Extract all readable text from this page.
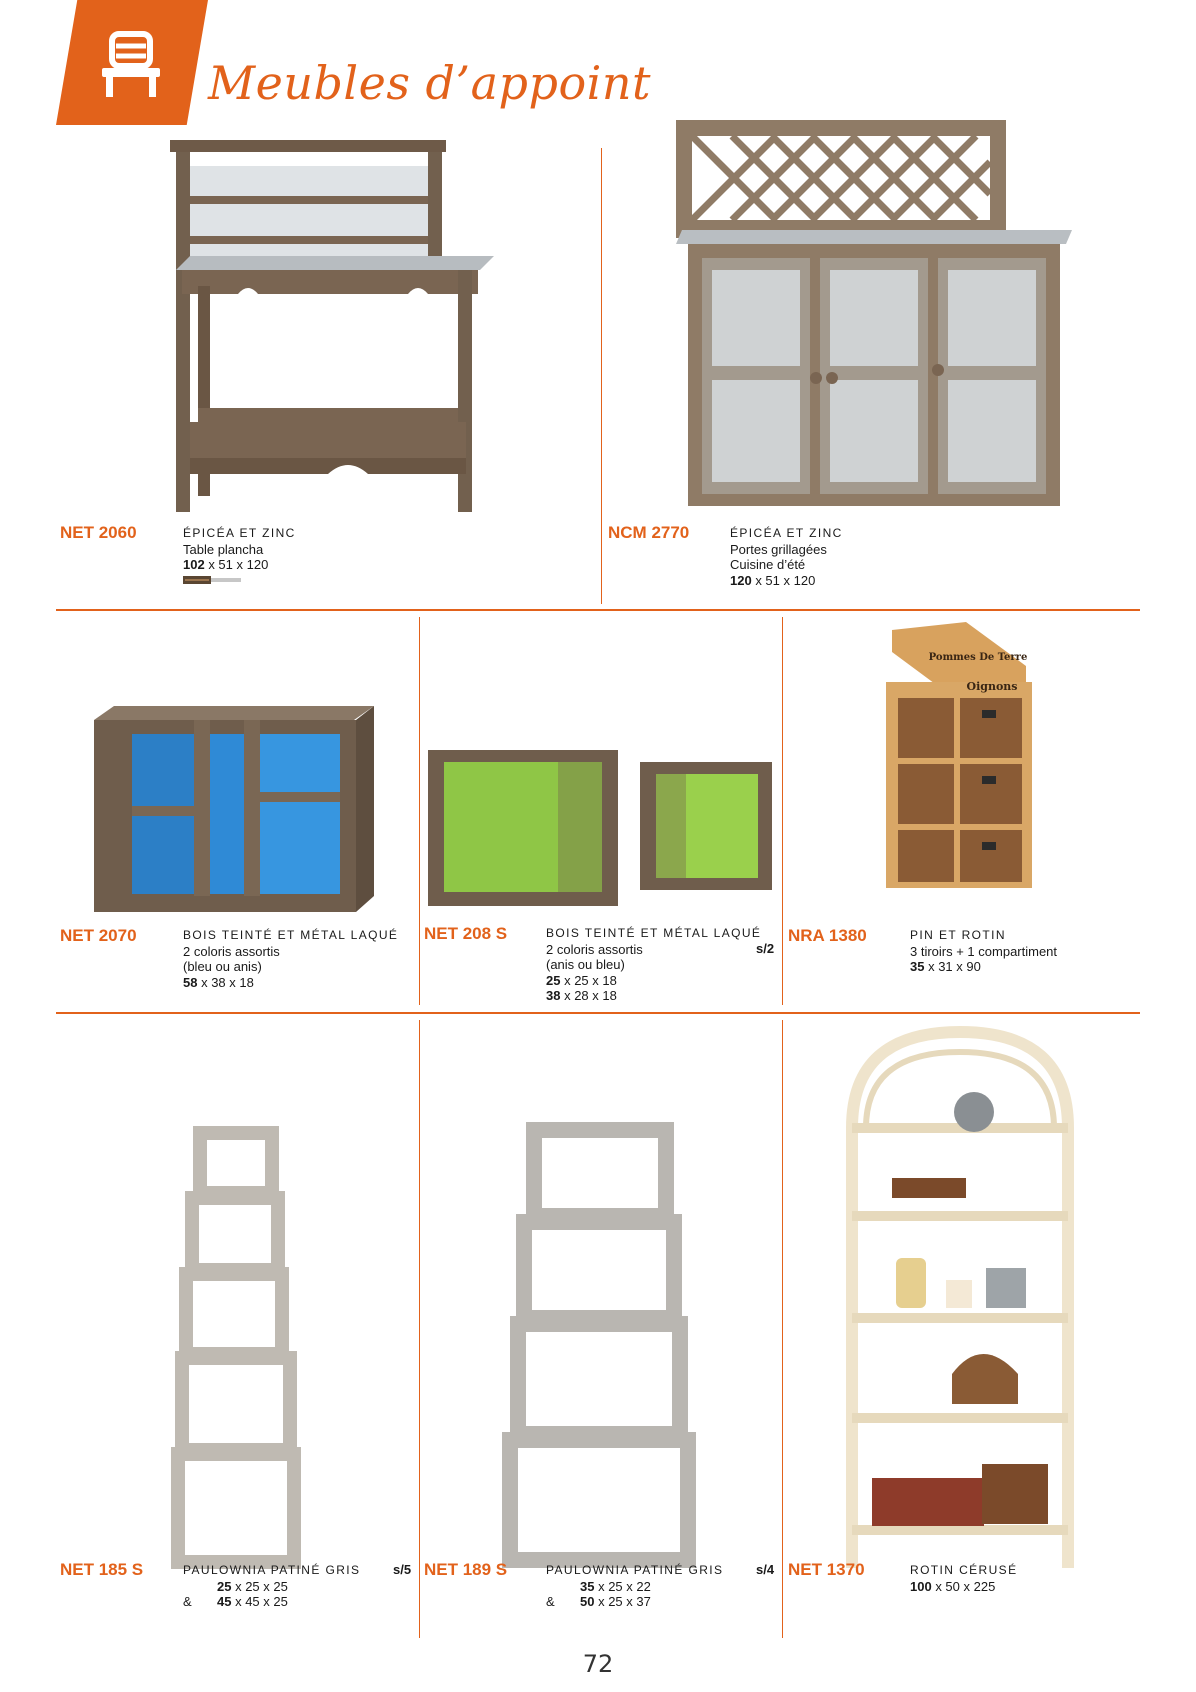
Meubles d’appoint
Pommes De Terre
Oignons
NET 2060	ÉPICÉA ET ZINC
Table plancha
102 x 51 x 120
NCM 2770	ÉPICÉA ET ZINC
Portes grillagées
Cuisine d’été
120 x 51 x 120
NET 2070	BOIS TEINTÉ ET MÉTAL LAQUÉ
2 coloris assortis
(bleu ou anis)
58 x 38 x 18
NET 208 S	BOIS TEINTÉ ET MÉTAL LAQUÉ
2 coloris assortis
(anis ou bleu)
25 x 25 x 18
38 x 28 x 18
s/2
NRA 1380	PIN ET ROTIN
3 tiroirs + 1 compartiment
35 x 31 x 90
NET 185 S	PAULOWNIA PATINÉ GRIS
25 x 25 x 25
& 45 x 45 x 25
s/5 NET 189 S	PAULOWNIA PATINÉ GRIS
35 x 25 x 22
& 50 x 25 x 37
s/4 NET 1370	ROTIN CÉRUSÉ
100 x 50 x 225
72
